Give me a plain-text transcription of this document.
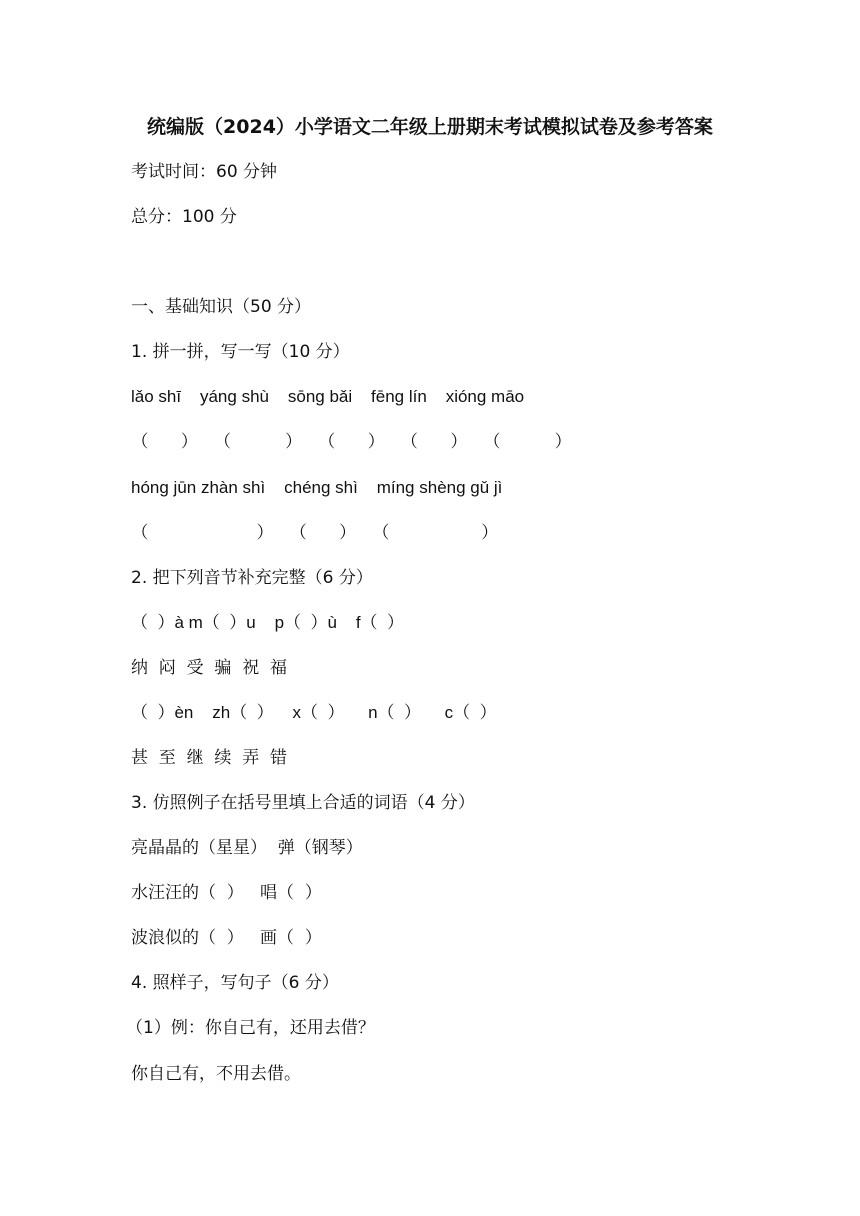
统编版（2024）小学语文二年级上册期末考试模拟试卷及参考答案
考试时间：60 分钟
总分：100 分
一、基础知识（50 分）
1. 拼一拼，写一写（10 分）
lǎo shī    yáng shù    sōng bǎi    fēng lín    xióng māo
（      ）   （          ）   （      ）   （      ）   （          ）
hóng jūn zhàn shì    chéng shì    míng shèng gǔ jì
（                    ）   （      ）   （                 ）
2. 把下列音节补充完整（6 分）
（  ）à m（  ）u    p（  ）ù    f（  ）
纳  闷  受  骗  祝  福
（  ）èn    zh（  ）    x（  ）     n（  ）     c（  ）
甚  至  继  续  弄  错
3. 仿照例子在括号里填上合适的词语（4 分）
亮晶晶的（星星）  弹（钢琴）
水汪汪的（  ）   唱（  ）
波浪似的（  ）   画（  ）
4. 照样子，写句子（6 分）
（1）例：你自己有，还用去借？
你自己有，不用去借。
